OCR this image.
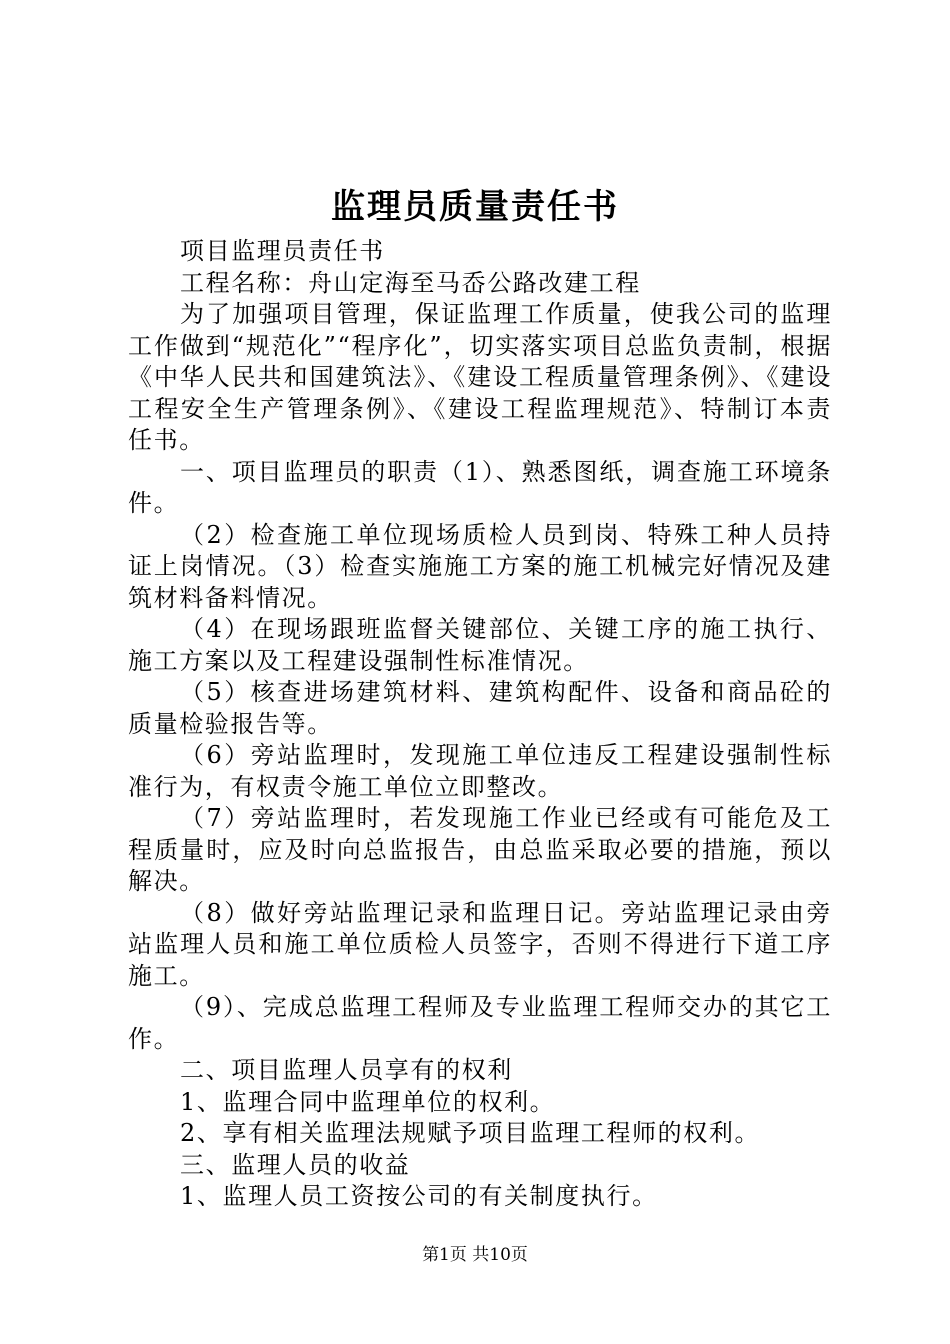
监理员质量责任书

项目监理员责任书

工程名称：舟山定海至马岙公路改建工程

为了加强项目管理，保证监理工作质量，使我公司的监理工作做到“规范化”“程序化”，切实落实项目总监负责制，根据《中华人民共和国建筑法》、《建设工程质量管理条例》、《建设工程安全生产管理条例》、《建设工程监理规范》、特制订本责任书。

一、项目监理员的职责（1）、熟悉图纸，调查施工环境条件。

（2）检查施工单位现场质检人员到岗、特殊工种人员持证上岗情况。（3）检查实施施工方案的施工机械完好情况及建筑材料备料情况。

（4）在现场跟班监督关键部位、关键工序的施工执行、施工方案以及工程建设强制性标准情况。

（5）核查进场建筑材料、建筑构配件、设备和商品砼的质量检验报告等。

（6）旁站监理时，发现施工单位违反工程建设强制性标准行为，有权责令施工单位立即整改。

（7）旁站监理时，若发现施工作业已经或有可能危及工程质量时，应及时向总监报告，由总监采取必要的措施，预以解决。

（8）做好旁站监理记录和监理日记。旁站监理记录由旁站监理人员和施工单位质检人员签字，否则不得进行下道工序施工。

（9）、完成总监理工程师及专业监理工程师交办的其它工作。

二、项目监理人员享有的权利

1、监理合同中监理单位的权利。

2、享有相关监理法规赋予项目监理工程师的权利。

三、监理人员的收益

1、监理人员工资按公司的有关制度执行。

第1页 共10页
